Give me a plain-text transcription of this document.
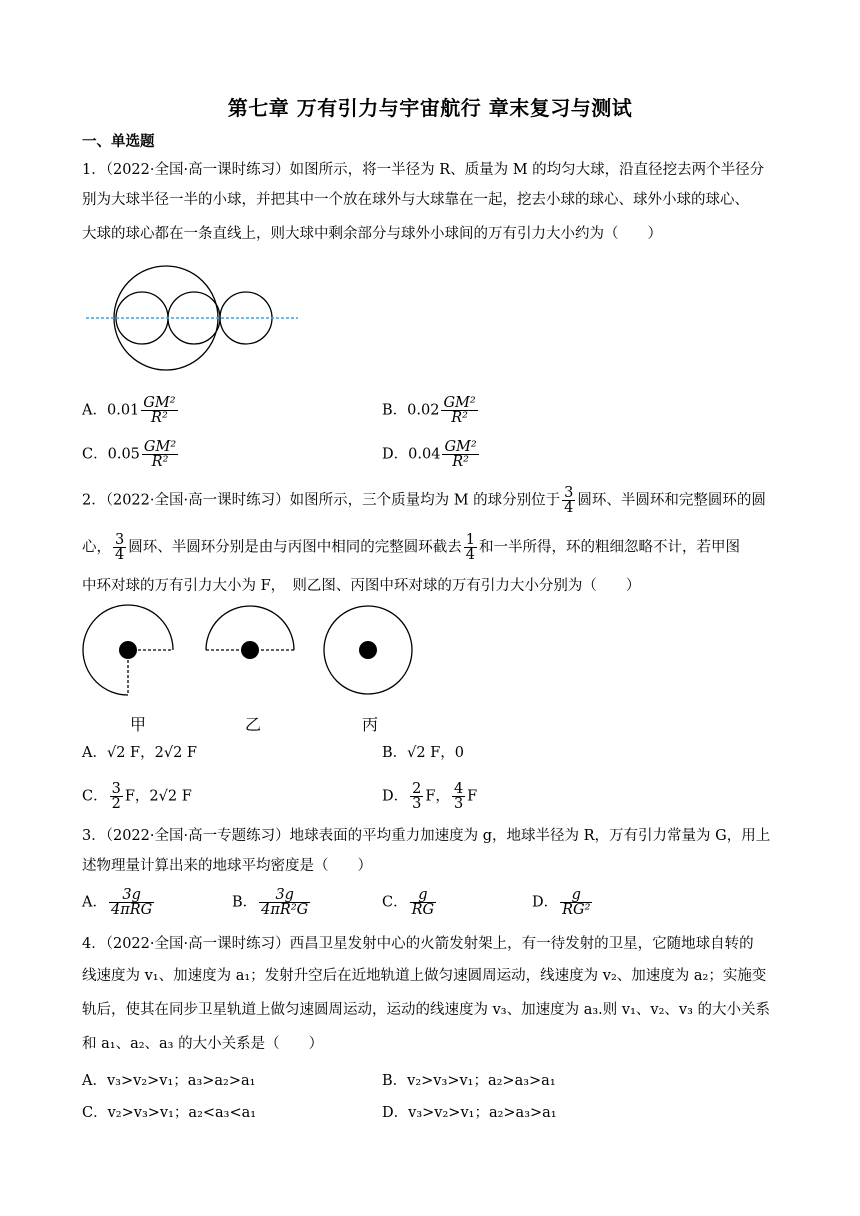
第七章 万有引力与宇宙航行 章末复习与测试
一、单选题
1．（2022·全国·高一课时练习）如图所示，将一半径为 R、质量为 M 的均匀大球，沿直径挖去两个半径分
别为大球半径一半的小球，并把其中一个放在球外与大球靠在一起，挖去小球的球心、球外小球的球心、
大球的球心都在一条直线上，则大球中剩余部分与球外小球间的万有引力大小约为（　　）
A．$0.01 \frac{\text{GM²}}{\text{R²}}$	B．$0.02 \frac{\text{GM²}}{\text{R²}}$
C．$0.05 \frac{\text{GM²}}{\text{R²}}$	D．$0.04 \frac{\text{GM²}}{\text{R²}}$
2．（2022·全国·高一课时练习）如图所示，三个质量均为 M 的球分别位于 $\frac{3}{4}$ 圆环、半圆环和完整圆环的圆
心， $\frac{3}{4}$ 圆环、半圆环分别是由与丙图中相同的完整圆环截去 $\frac{1}{4}$ 和一半所得，环的粗细忽略不计，若甲图
中环对球的万有引力大小为 F，　则乙图、丙图中环对球的万有引力大小分别为（　　）
甲	乙	丙
A．√2 F，2√2 F	B．√2 F，0
C． $\frac{3}{2}$ F，2√2 F	D． $\frac{2}{3}$ F， $\frac{4}{3}$ F
3．（2022·全国·高一专题练习）地球表面的平均重力加速度为 g，地球半径为 R，万有引力常量为 G，用上
述物理量计算出来的地球平均密度是（　　）
A． $\frac{3g}{\text{4πRG}}$	B． $\frac{3g}{\text{4πR²G}}$	C． $\frac{g}{RG}$	D． $\frac{g}{\text{RG²}}$
4．（2022·全国·高一课时练习）西昌卫星发射中心的火箭发射架上，有一待发射的卫星，它随地球自转的
线速度为 v₁、加速度为 a₁；发射升空后在近地轨道上做匀速圆周运动，线速度为 v₂、加速度为 a₂；实施变
轨后，使其在同步卫星轨道上做匀速圆周运动，运动的线速度为 v₃、加速度为 a₃.则 v₁、v₂、v₃ 的大小关系
和 a₁、a₂、a₃ 的大小关系是（　　）
A．v₃>v₂>v₁；a₃>a₂>a₁	B．v₂>v₃>v₁；a₂>a₃>a₁
C．v₂>v₃>v₁；a₂<a₃<a₁	D．v₃>v₂>v₁；a₂>a₃>a₁
